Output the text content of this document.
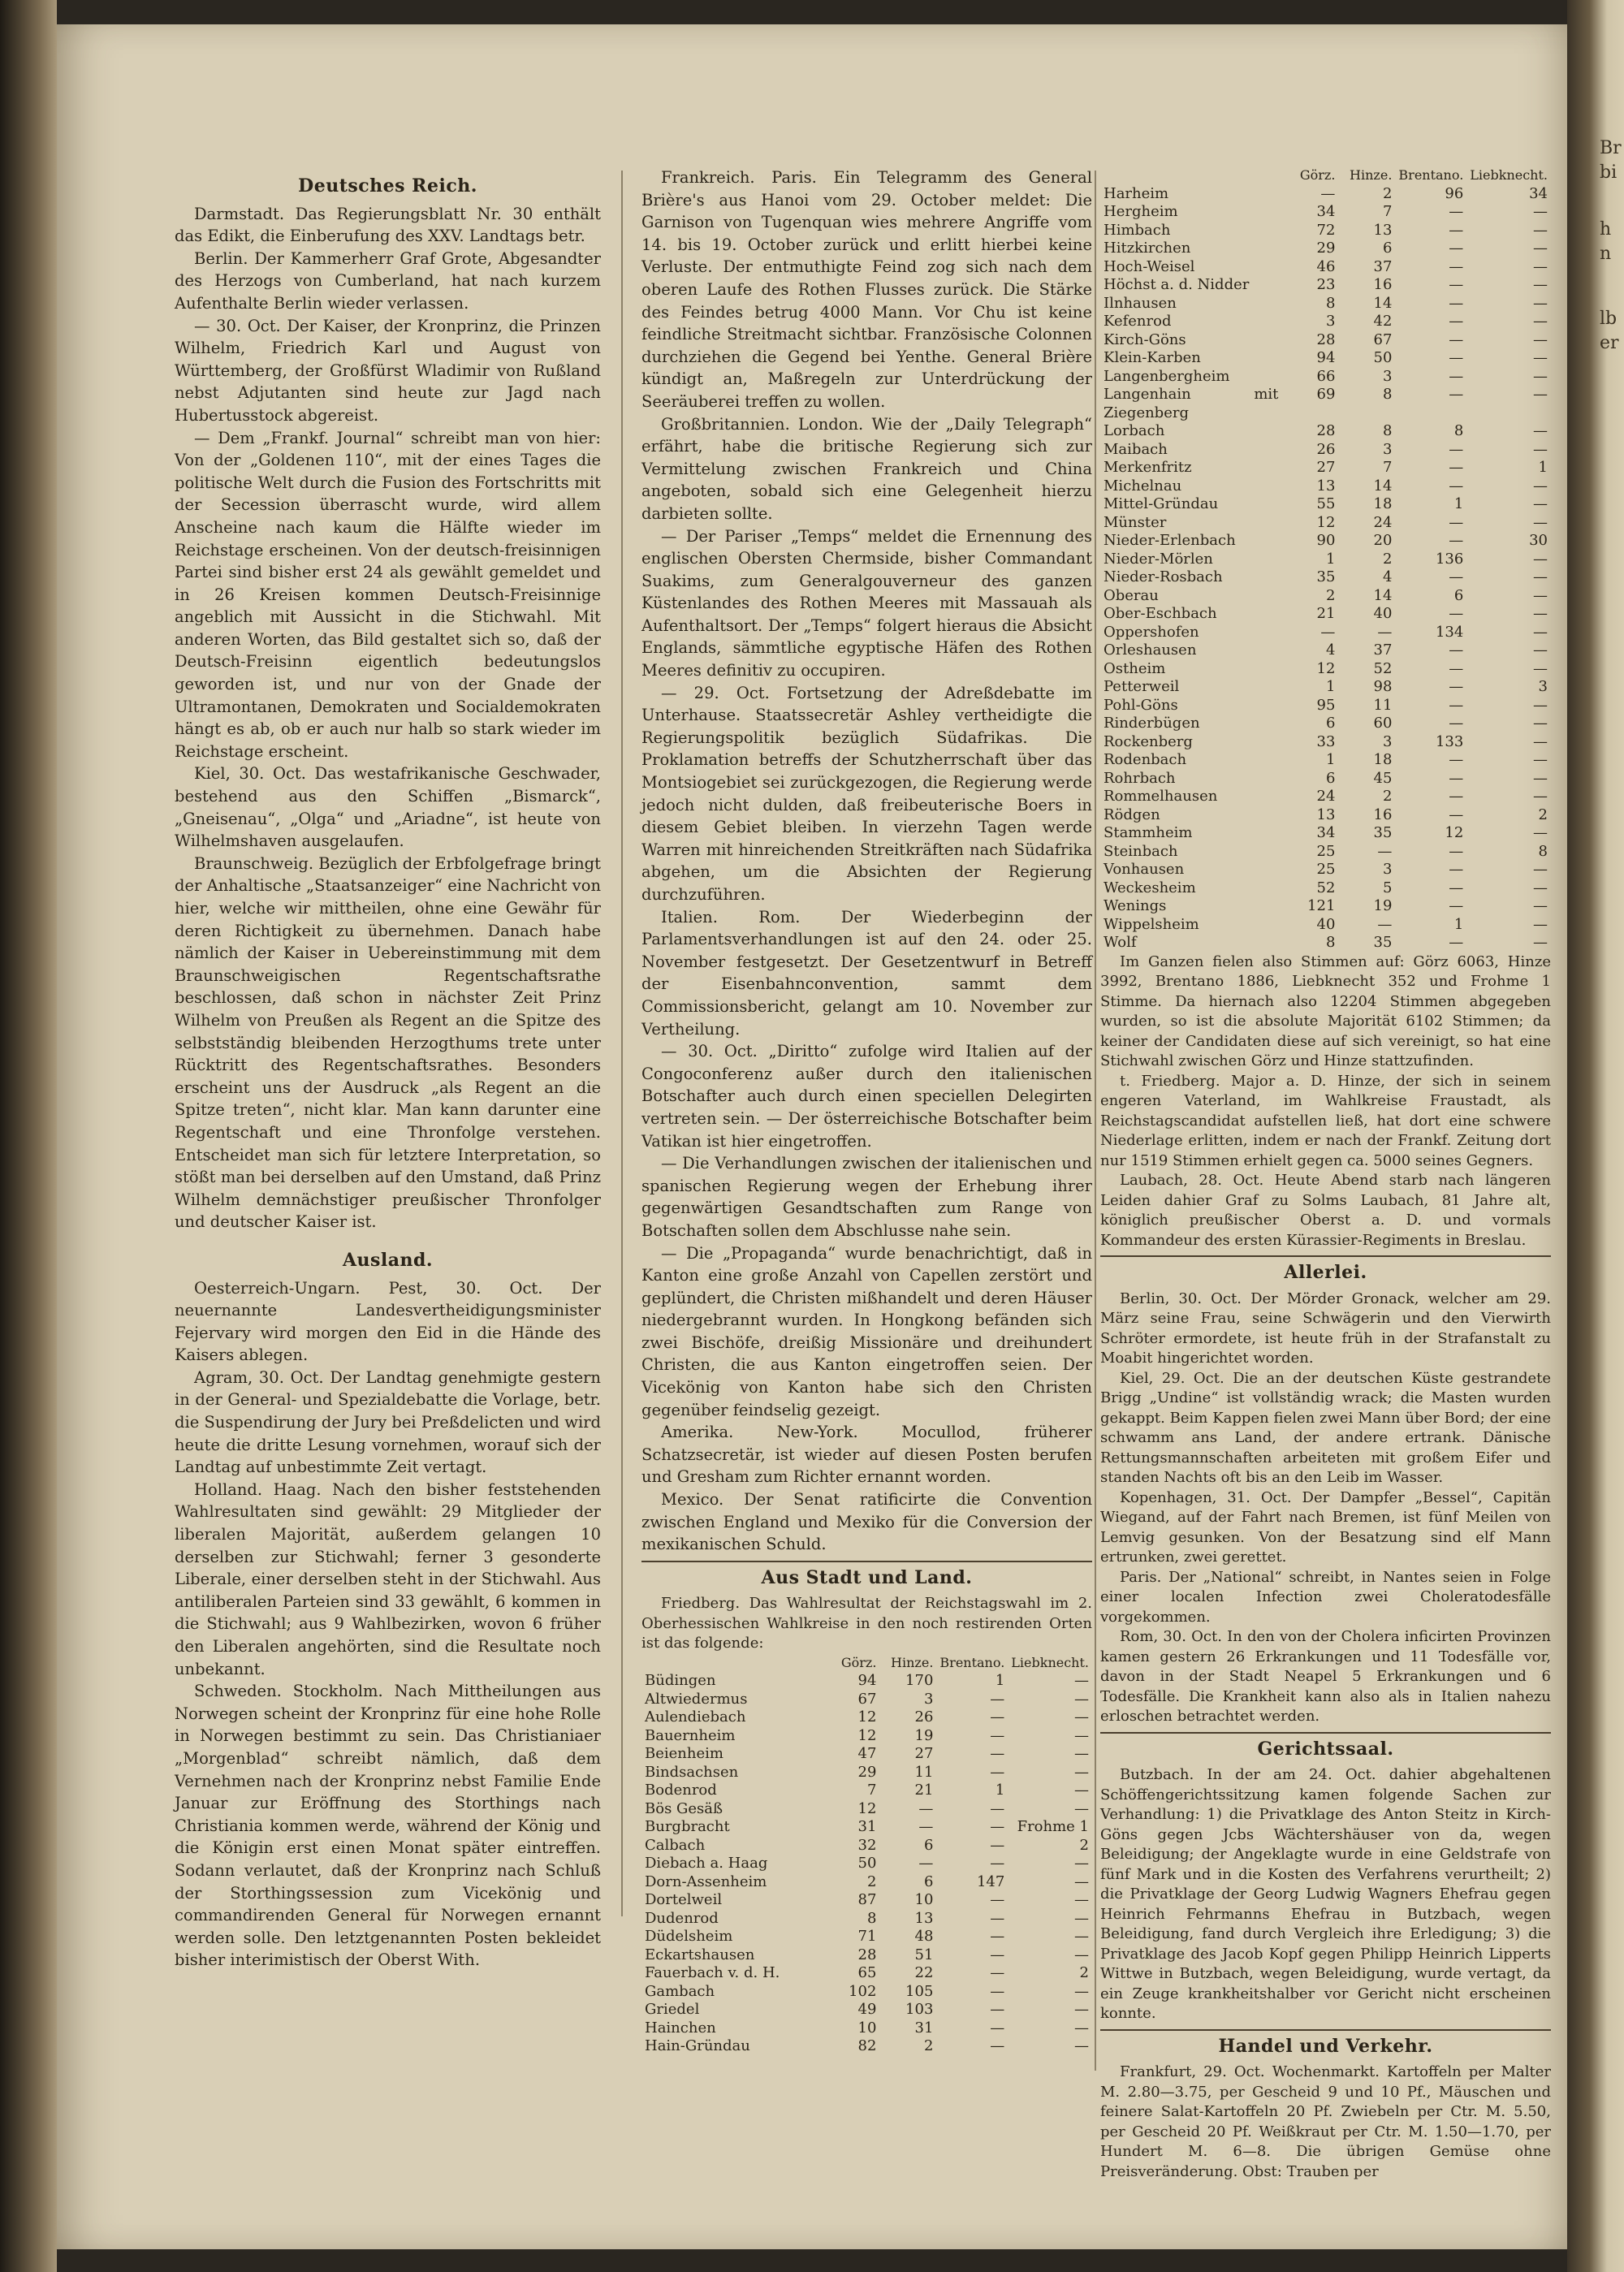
Br
bi
h
n
lb
er
Deutsches Reich.

Darmstadt. Das Regierungsblatt Nr. 30 enthält das Edikt, die Einberufung des XXV. Landtags betr.

Berlin. Der Kammerherr Graf Grote, Abgesandter des Herzogs von Cumberland, hat nach kurzem Aufenthalte Berlin wieder verlassen.

— 30. Oct. Der Kaiser, der Kronprinz, die Prinzen Wilhelm, Friedrich Karl und August von Württemberg, der Großfürst Wladimir von Rußland nebst Adjutanten sind heute zur Jagd nach Hubertusstock abgereist.

— Dem „Frankf. Journal“ schreibt man von hier: Von der „Goldenen 110“, mit der eines Tages die politische Welt durch die Fusion des Fortschritts mit der Secession überrascht wurde, wird allem Anscheine nach kaum die Hälfte wieder im Reichstage erscheinen. Von der deutsch-freisinnigen Partei sind bisher erst 24 als gewählt gemeldet und in 26 Kreisen kommen Deutsch-Freisinnige angeblich mit Aussicht in die Stichwahl. Mit anderen Worten, das Bild gestaltet sich so, daß der Deutsch-Freisinn eigentlich bedeutungslos geworden ist, und nur von der Gnade der Ultramontanen, Demokraten und Socialdemokraten hängt es ab, ob er auch nur halb so stark wieder im Reichstage erscheint.

Kiel, 30. Oct. Das westafrikanische Geschwader, bestehend aus den Schiffen „Bismarck“, „Gneisenau“, „Olga“ und „Ariadne“, ist heute von Wilhelmshaven ausgelaufen.

Braunschweig. Bezüglich der Erbfolgefrage bringt der Anhaltische „Staatsanzeiger“ eine Nachricht von hier, welche wir mittheilen, ohne eine Gewähr für deren Richtigkeit zu übernehmen. Danach habe nämlich der Kaiser in Uebereinstimmung mit dem Braunschweigischen Regentschaftsrathe beschlossen, daß schon in nächster Zeit Prinz Wilhelm von Preußen als Regent an die Spitze des selbstständig bleibenden Herzogthums trete unter Rücktritt des Regentschaftsrathes. Besonders erscheint uns der Ausdruck „als Regent an die Spitze treten“, nicht klar. Man kann darunter eine Regentschaft und eine Thronfolge verstehen. Entscheidet man sich für letztere Interpretation, so stößt man bei derselben auf den Umstand, daß Prinz Wilhelm demnächstiger preußischer Thronfolger und deutscher Kaiser ist.

Ausland.

Oesterreich-Ungarn. Pest, 30. Oct. Der neuernannte Landesvertheidigungsminister Fejervary wird morgen den Eid in die Hände des Kaisers ablegen.

Agram, 30. Oct. Der Landtag genehmigte gestern in der General- und Spezialdebatte die Vorlage, betr. die Suspendirung der Jury bei Preßdelicten und wird heute die dritte Lesung vornehmen, worauf sich der Landtag auf unbestimmte Zeit vertagt.

Holland. Haag. Nach den bisher feststehenden Wahlresultaten sind gewählt: 29 Mitglieder der liberalen Majorität, außerdem gelangen 10 derselben zur Stichwahl; ferner 3 gesonderte Liberale, einer derselben steht in der Stichwahl. Aus antiliberalen Parteien sind 33 gewählt, 6 kommen in die Stichwahl; aus 9 Wahlbezirken, wovon 6 früher den Liberalen angehörten, sind die Resultate noch unbekannt.

Schweden. Stockholm. Nach Mittheilungen aus Norwegen scheint der Kronprinz für eine hohe Rolle in Norwegen bestimmt zu sein. Das Christianiaer „Morgenblad“ schreibt nämlich, daß dem Vernehmen nach der Kronprinz nebst Familie Ende Januar zur Eröffnung des Storthings nach Christiania kommen werde, während der König und die Königin erst einen Monat später eintreffen. Sodann verlautet, daß der Kronprinz nach Schluß der Storthingssession zum Vicekönig und commandirenden General für Norwegen ernannt werden solle. Den letztgenannten Posten bekleidet bisher interimistisch der Oberst With.

Frankreich. Paris. Ein Telegramm des General Brière's aus Hanoi vom 29. October meldet: Die Garnison von Tugenquan wies mehrere Angriffe vom 14. bis 19. October zurück und erlitt hierbei keine Verluste. Der entmuthigte Feind zog sich nach dem oberen Laufe des Rothen Flusses zurück. Die Stärke des Feindes betrug 4000 Mann. Vor Chu ist keine feindliche Streitmacht sichtbar. Französische Colonnen durchziehen die Gegend bei Yenthe. General Brière kündigt an, Maßregeln zur Unterdrückung der Seeräuberei treffen zu wollen.

Großbritannien. London. Wie der „Daily Telegraph“ erfährt, habe die britische Regierung sich zur Vermittelung zwischen Frankreich und China angeboten, sobald sich eine Gelegenheit hierzu darbieten sollte.

— Der Pariser „Temps“ meldet die Ernennung des englischen Obersten Chermside, bisher Commandant Suakims, zum Generalgouverneur des ganzen Küstenlandes des Rothen Meeres mit Massauah als Aufenthaltsort. Der „Temps“ folgert hieraus die Absicht Englands, sämmtliche egyptische Häfen des Rothen Meeres definitiv zu occupiren.

— 29. Oct. Fortsetzung der Adreßdebatte im Unterhause. Staatssecretär Ashley vertheidigte die Regierungspolitik bezüglich Südafrikas. Die Proklamation betreffs der Schutzherrschaft über das Montsiogebiet sei zurückgezogen, die Regierung werde jedoch nicht dulden, daß freibeuterische Boers in diesem Gebiet bleiben. In vierzehn Tagen werde Warren mit hinreichenden Streitkräften nach Südafrika abgehen, um die Absichten der Regierung durchzuführen.

Italien. Rom. Der Wiederbeginn der Parlamentsverhandlungen ist auf den 24. oder 25. November festgesetzt. Der Gesetzentwurf in Betreff der Eisenbahnconvention, sammt dem Commissionsbericht, gelangt am 10. November zur Vertheilung.

— 30. Oct. „Diritto“ zufolge wird Italien auf der Congoconferenz außer durch den italienischen Botschafter auch durch einen speciellen Delegirten vertreten sein. — Der österreichische Botschafter beim Vatikan ist hier eingetroffen.

— Die Verhandlungen zwischen der italienischen und spanischen Regierung wegen der Erhebung ihrer gegenwärtigen Gesandtschaften zum Range von Botschaften sollen dem Abschlusse nahe sein.

— Die „Propaganda“ wurde benachrichtigt, daß in Kanton eine große Anzahl von Capellen zerstört und geplündert, die Christen mißhandelt und deren Häuser niedergebrannt wurden. In Hongkong befänden sich zwei Bischöfe, dreißig Missionäre und dreihundert Christen, die aus Kanton eingetroffen seien. Der Vicekönig von Kanton habe sich den Christen gegenüber feindselig gezeigt.

Amerika. New-York. Mocullod, früherer Schatzsecretär, ist wieder auf diesen Posten berufen und Gresham zum Richter ernannt worden.

Mexico. Der Senat ratificirte die Convention zwischen England und Mexiko für die Conversion der mexikanischen Schuld.

Aus Stadt und Land.

Friedberg. Das Wahlresultat der Reichstagswahl im 2. Oberhessischen Wahlkreise in den noch restirenden Orten ist das folgende:

	Görz.	Hinze.	Brentano.	Liebknecht.
Büdingen	94	170	1	—
Altwiedermus	67	3	—	—
Aulendiebach	12	26	—	—
Bauernheim	12	19	—	—
Beienheim	47	27	—	—
Bindsachsen	29	11	—	—
Bodenrod	7	21	1	—
Bös Gesäß	12	—	—	—
Burgbracht	31	—	—	Frohme 1
Calbach	32	6	—	2
Diebach a. Haag	50	—	—	—
Dorn-Assenheim	2	6	147	—
Dortelweil	87	10	—	—
Dudenrod	8	13	—	—
Düdelsheim	71	48	—	—
Eckartshausen	28	51	—	—
Fauerbach v. d. H.	65	22	—	2
Gambach	102	105	—	—
Griedel	49	103	—	—
Hainchen	10	31	—	—
Hain-Gründau	82	2	—	—
	Görz.	Hinze.	Brentano.	Liebknecht.
Harheim	—	2	96	34
Hergheim	34	7	—	—
Himbach	72	13	—	—
Hitzkirchen	29	6	—	—
Hoch-Weisel	46	37	—	—
Höchst a. d. Nidder	23	16	—	—
Ilnhausen	8	14	—	—
Kefenrod	3	42	—	—
Kirch-Göns	28	67	—	—
Klein-Karben	94	50	—	—
Langenbergheim	66	3	—	—
Langenhain mit Ziegenberg	69	8	—	—
Lorbach	28	8	8	—
Maibach	26	3	—	—
Merkenfritz	27	7	—	1
Michelnau	13	14	—	—
Mittel-Gründau	55	18	1	—
Münster	12	24	—	—
Nieder-Erlenbach	90	20	—	30
Nieder-Mörlen	1	2	136	—
Nieder-Rosbach	35	4	—	—
Oberau	2	14	6	—
Ober-Eschbach	21	40	—	—
Oppershofen	—	—	134	—
Orleshausen	4	37	—	—
Ostheim	12	52	—	—
Petterweil	1	98	—	3
Pohl-Göns	95	11	—	—
Rinderbügen	6	60	—	—
Rockenberg	33	3	133	—
Rodenbach	1	18	—	—
Rohrbach	6	45	—	—
Rommelhausen	24	2	—	—
Rödgen	13	16	—	2
Stammheim	34	35	12	—
Steinbach	25	—	—	8
Vonhausen	25	3	—	—
Weckesheim	52	5	—	—
Wenings	121	19	—	—
Wippelsheim	40	—	1	—
Wolf	8	35	—	—

Im Ganzen fielen also Stimmen auf: Görz 6063, Hinze 3992, Brentano 1886, Liebknecht 352 und Frohme 1 Stimme. Da hiernach also 12204 Stimmen abgegeben wurden, so ist die absolute Majorität 6102 Stimmen; da keiner der Candidaten diese auf sich vereinigt, so hat eine Stichwahl zwischen Görz und Hinze stattzufinden.

t. Friedberg. Major a. D. Hinze, der sich in seinem engeren Vaterland, im Wahlkreise Fraustadt, als Reichstagscandidat aufstellen ließ, hat dort eine schwere Niederlage erlitten, indem er nach der Frankf. Zeitung dort nur 1519 Stimmen erhielt gegen ca. 5000 seines Gegners.

Laubach, 28. Oct. Heute Abend starb nach längeren Leiden dahier Graf zu Solms Laubach, 81 Jahre alt, königlich preußischer Oberst a. D. und vormals Kommandeur des ersten Kürassier-Regiments in Breslau.

Allerlei.

Berlin, 30. Oct. Der Mörder Gronack, welcher am 29. März seine Frau, seine Schwägerin und den Vierwirth Schröter ermordete, ist heute früh in der Strafanstalt zu Moabit hingerichtet worden.

Kiel, 29. Oct. Die an der deutschen Küste gestrandete Brigg „Undine“ ist vollständig wrack; die Masten wurden gekappt. Beim Kappen fielen zwei Mann über Bord; der eine schwamm ans Land, der andere ertrank. Dänische Rettungsmannschaften arbeiteten mit großem Eifer und standen Nachts oft bis an den Leib im Wasser.

Kopenhagen, 31. Oct. Der Dampfer „Bessel“, Capitän Wiegand, auf der Fahrt nach Bremen, ist fünf Meilen von Lemvig gesunken. Von der Besatzung sind elf Mann ertrunken, zwei gerettet.

Paris. Der „National“ schreibt, in Nantes seien in Folge einer localen Infection zwei Choleratodesfälle vorgekommen.

Rom, 30. Oct. In den von der Cholera inficirten Provinzen kamen gestern 26 Erkrankungen und 11 Todesfälle vor, davon in der Stadt Neapel 5 Erkrankungen und 6 Todesfälle. Die Krankheit kann also als in Italien nahezu erloschen betrachtet werden.

Gerichtssaal.

Butzbach. In der am 24. Oct. dahier abgehaltenen Schöffengerichtssitzung kamen folgende Sachen zur Verhandlung: 1) die Privatklage des Anton Steitz in Kirch-Göns gegen Jcbs Wächtershäuser von da, wegen Beleidigung; der Angeklagte wurde in eine Geldstrafe von fünf Mark und in die Kosten des Verfahrens verurtheilt; 2) die Privatklage der Georg Ludwig Wagners Ehefrau gegen Heinrich Fehrmanns Ehefrau in Butzbach, wegen Beleidigung, fand durch Vergleich ihre Erledigung; 3) die Privatklage des Jacob Kopf gegen Philipp Heinrich Lipperts Wittwe in Butzbach, wegen Beleidigung, wurde vertagt, da ein Zeuge krankheitshalber vor Gericht nicht erscheinen konnte.

Handel und Verkehr.

Frankfurt, 29. Oct. Wochenmarkt. Kartoffeln per Malter M. 2.80—3.75, per Gescheid 9 und 10 Pf., Mäuschen und feinere Salat-Kartoffeln 20 Pf. Zwiebeln per Ctr. M. 5.50, per Gescheid 20 Pf. Weißkraut per Ctr. M. 1.50—1.70, per Hundert M. 6—8. Die übrigen Gemüse ohne Preisveränderung. Obst: Trauben per
